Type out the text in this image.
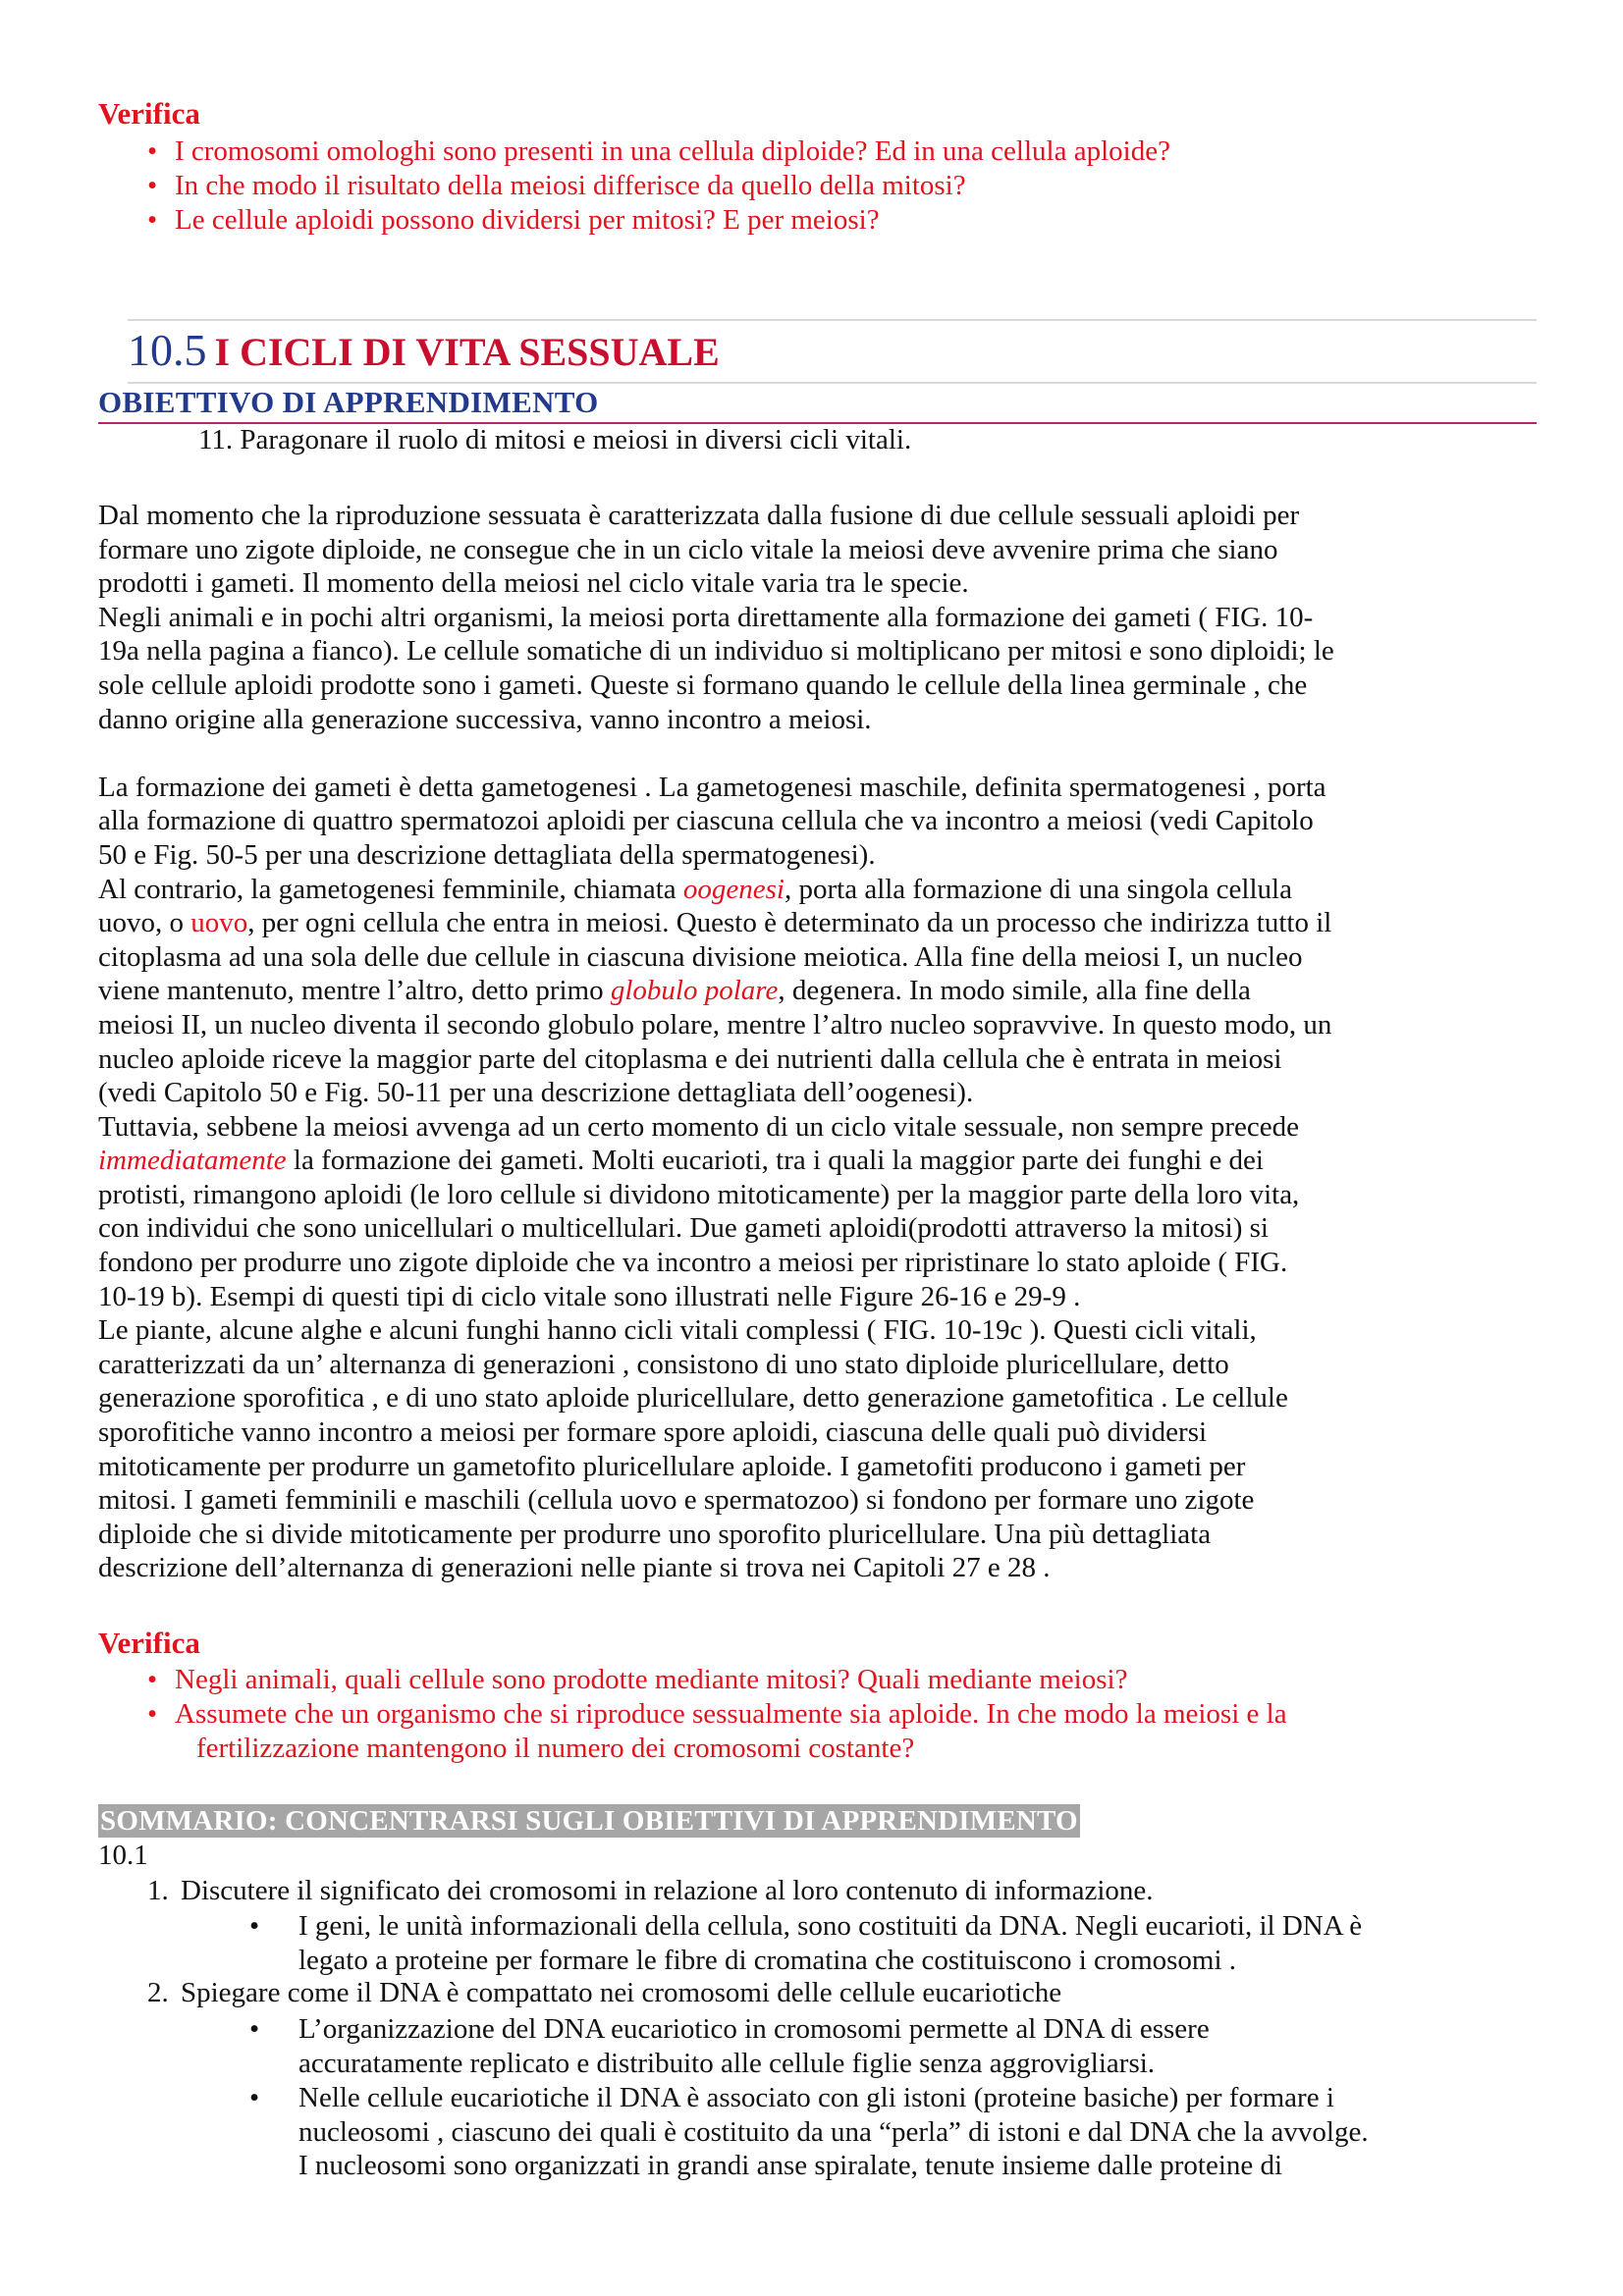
Verifica
• I cromosomi omologhi sono presenti in una cellula diploide? Ed in una cellula aploide?
• In che modo il risultato della meiosi differisce da quello della mitosi?
• Le cellule aploidi possono dividersi per mitosi? E per meiosi?
10.5 I CICLI DI VITA SESSUALE
OBIETTIVO DI APPRENDIMENTO
11. Paragonare il ruolo di mitosi e meiosi in diversi cicli vitali.

Dal momento che la riproduzione sessuata è caratterizzata dalla fusione di due cellule sessuali aploidi per

formare uno zigote diploide, ne consegue che in un ciclo vitale la meiosi deve avvenire prima che siano

prodotti i gameti. Il momento della meiosi nel ciclo vitale varia tra le specie.

Negli animali e in pochi altri organismi, la meiosi porta direttamente alla formazione dei gameti ( FIG. 10-

19a nella pagina a fianco). Le cellule somatiche di un individuo si moltiplicano per mitosi e sono diploidi; le

sole cellule aploidi prodotte sono i gameti. Queste si formano quando le cellule della linea germinale , che

danno origine alla generazione successiva, vanno incontro a meiosi.

La formazione dei gameti è detta gametogenesi . La gametogenesi maschile, definita spermatogenesi , porta

alla formazione di quattro spermatozoi aploidi per ciascuna cellula che va incontro a meiosi (vedi Capitolo

50 e Fig. 50-5 per una descrizione dettagliata della spermatogenesi).

Al contrario, la gametogenesi femminile, chiamata oogenesi, porta alla formazione di una singola cellula

uovo, o uovo, per ogni cellula che entra in meiosi. Questo è determinato da un processo che indirizza tutto il

citoplasma ad una sola delle due cellule in ciascuna divisione meiotica. Alla fine della meiosi I, un nucleo

viene mantenuto, mentre l’altro, detto primo globulo polare, degenera. In modo simile, alla fine della

meiosi II, un nucleo diventa il secondo globulo polare, mentre l’altro nucleo sopravvive. In questo modo, un

nucleo aploide riceve la maggior parte del citoplasma e dei nutrienti dalla cellula che è entrata in meiosi

(vedi Capitolo 50 e Fig. 50-11 per una descrizione dettagliata dell’oogenesi).

Tuttavia, sebbene la meiosi avvenga ad un certo momento di un ciclo vitale sessuale, non sempre precede

immediatamente la formazione dei gameti. Molti eucarioti, tra i quali la maggior parte dei funghi e dei

protisti, rimangono aploidi (le loro cellule si dividono mitoticamente) per la maggior parte della loro vita,

con individui che sono unicellulari o multicellulari. Due gameti aploidi(prodotti attraverso la mitosi) si

fondono per produrre uno zigote diploide che va incontro a meiosi per ripristinare lo stato aploide ( FIG.

10-19 b). Esempi di questi tipi di ciclo vitale sono illustrati nelle Figure 26-16 e 29-9 .

Le piante, alcune alghe e alcuni funghi hanno cicli vitali complessi ( FIG. 10-19c ). Questi cicli vitali,

caratterizzati da un’ alternanza di generazioni , consistono di uno stato diploide pluricellulare, detto

generazione sporofitica , e di uno stato aploide pluricellulare, detto generazione gametofitica . Le cellule

sporofitiche vanno incontro a meiosi per formare spore aploidi, ciascuna delle quali può dividersi

mitoticamente per produrre un gametofito pluricellulare aploide. I gametofiti producono i gameti per

mitosi. I gameti femminili e maschili (cellula uovo e spermatozoo) si fondono per formare uno zigote

diploide che si divide mitoticamente per produrre uno sporofito pluricellulare. Una più dettagliata

descrizione dell’alternanza di generazioni nelle piante si trova nei Capitoli 27 e 28 .

Verifica
• Negli animali, quali cellule sono prodotte mediante mitosi? Quali mediante meiosi?
• Assumete che un organismo che si riproduce sessualmente sia aploide. In che modo la meiosi e la
fertilizzazione mantengono il numero dei cromosomi costante?
SOMMARIO: CONCENTRARSI SUGLI OBIETTIVI DI APPRENDIMENTO
10.1
1. Discutere il significato dei cromosomi in relazione al loro contenuto di informazione.
• I geni, le unità informazionali della cellula, sono costituiti da DNA. Negli eucarioti, il DNA è
legato a proteine per formare le fibre di cromatina che costituiscono i cromosomi .
2. Spiegare come il DNA è compattato nei cromosomi delle cellule eucariotiche
• L’organizzazione del DNA eucariotico in cromosomi permette al DNA di essere
accuratamente replicato e distribuito alle cellule figlie senza aggrovigliarsi.
• Nelle cellule eucariotiche il DNA è associato con gli istoni (proteine basiche) per formare i
nucleosomi , ciascuno dei quali è costituito da una “perla” di istoni e dal DNA che la avvolge.
I nucleosomi sono organizzati in grandi anse spiralate, tenute insieme dalle proteine di
